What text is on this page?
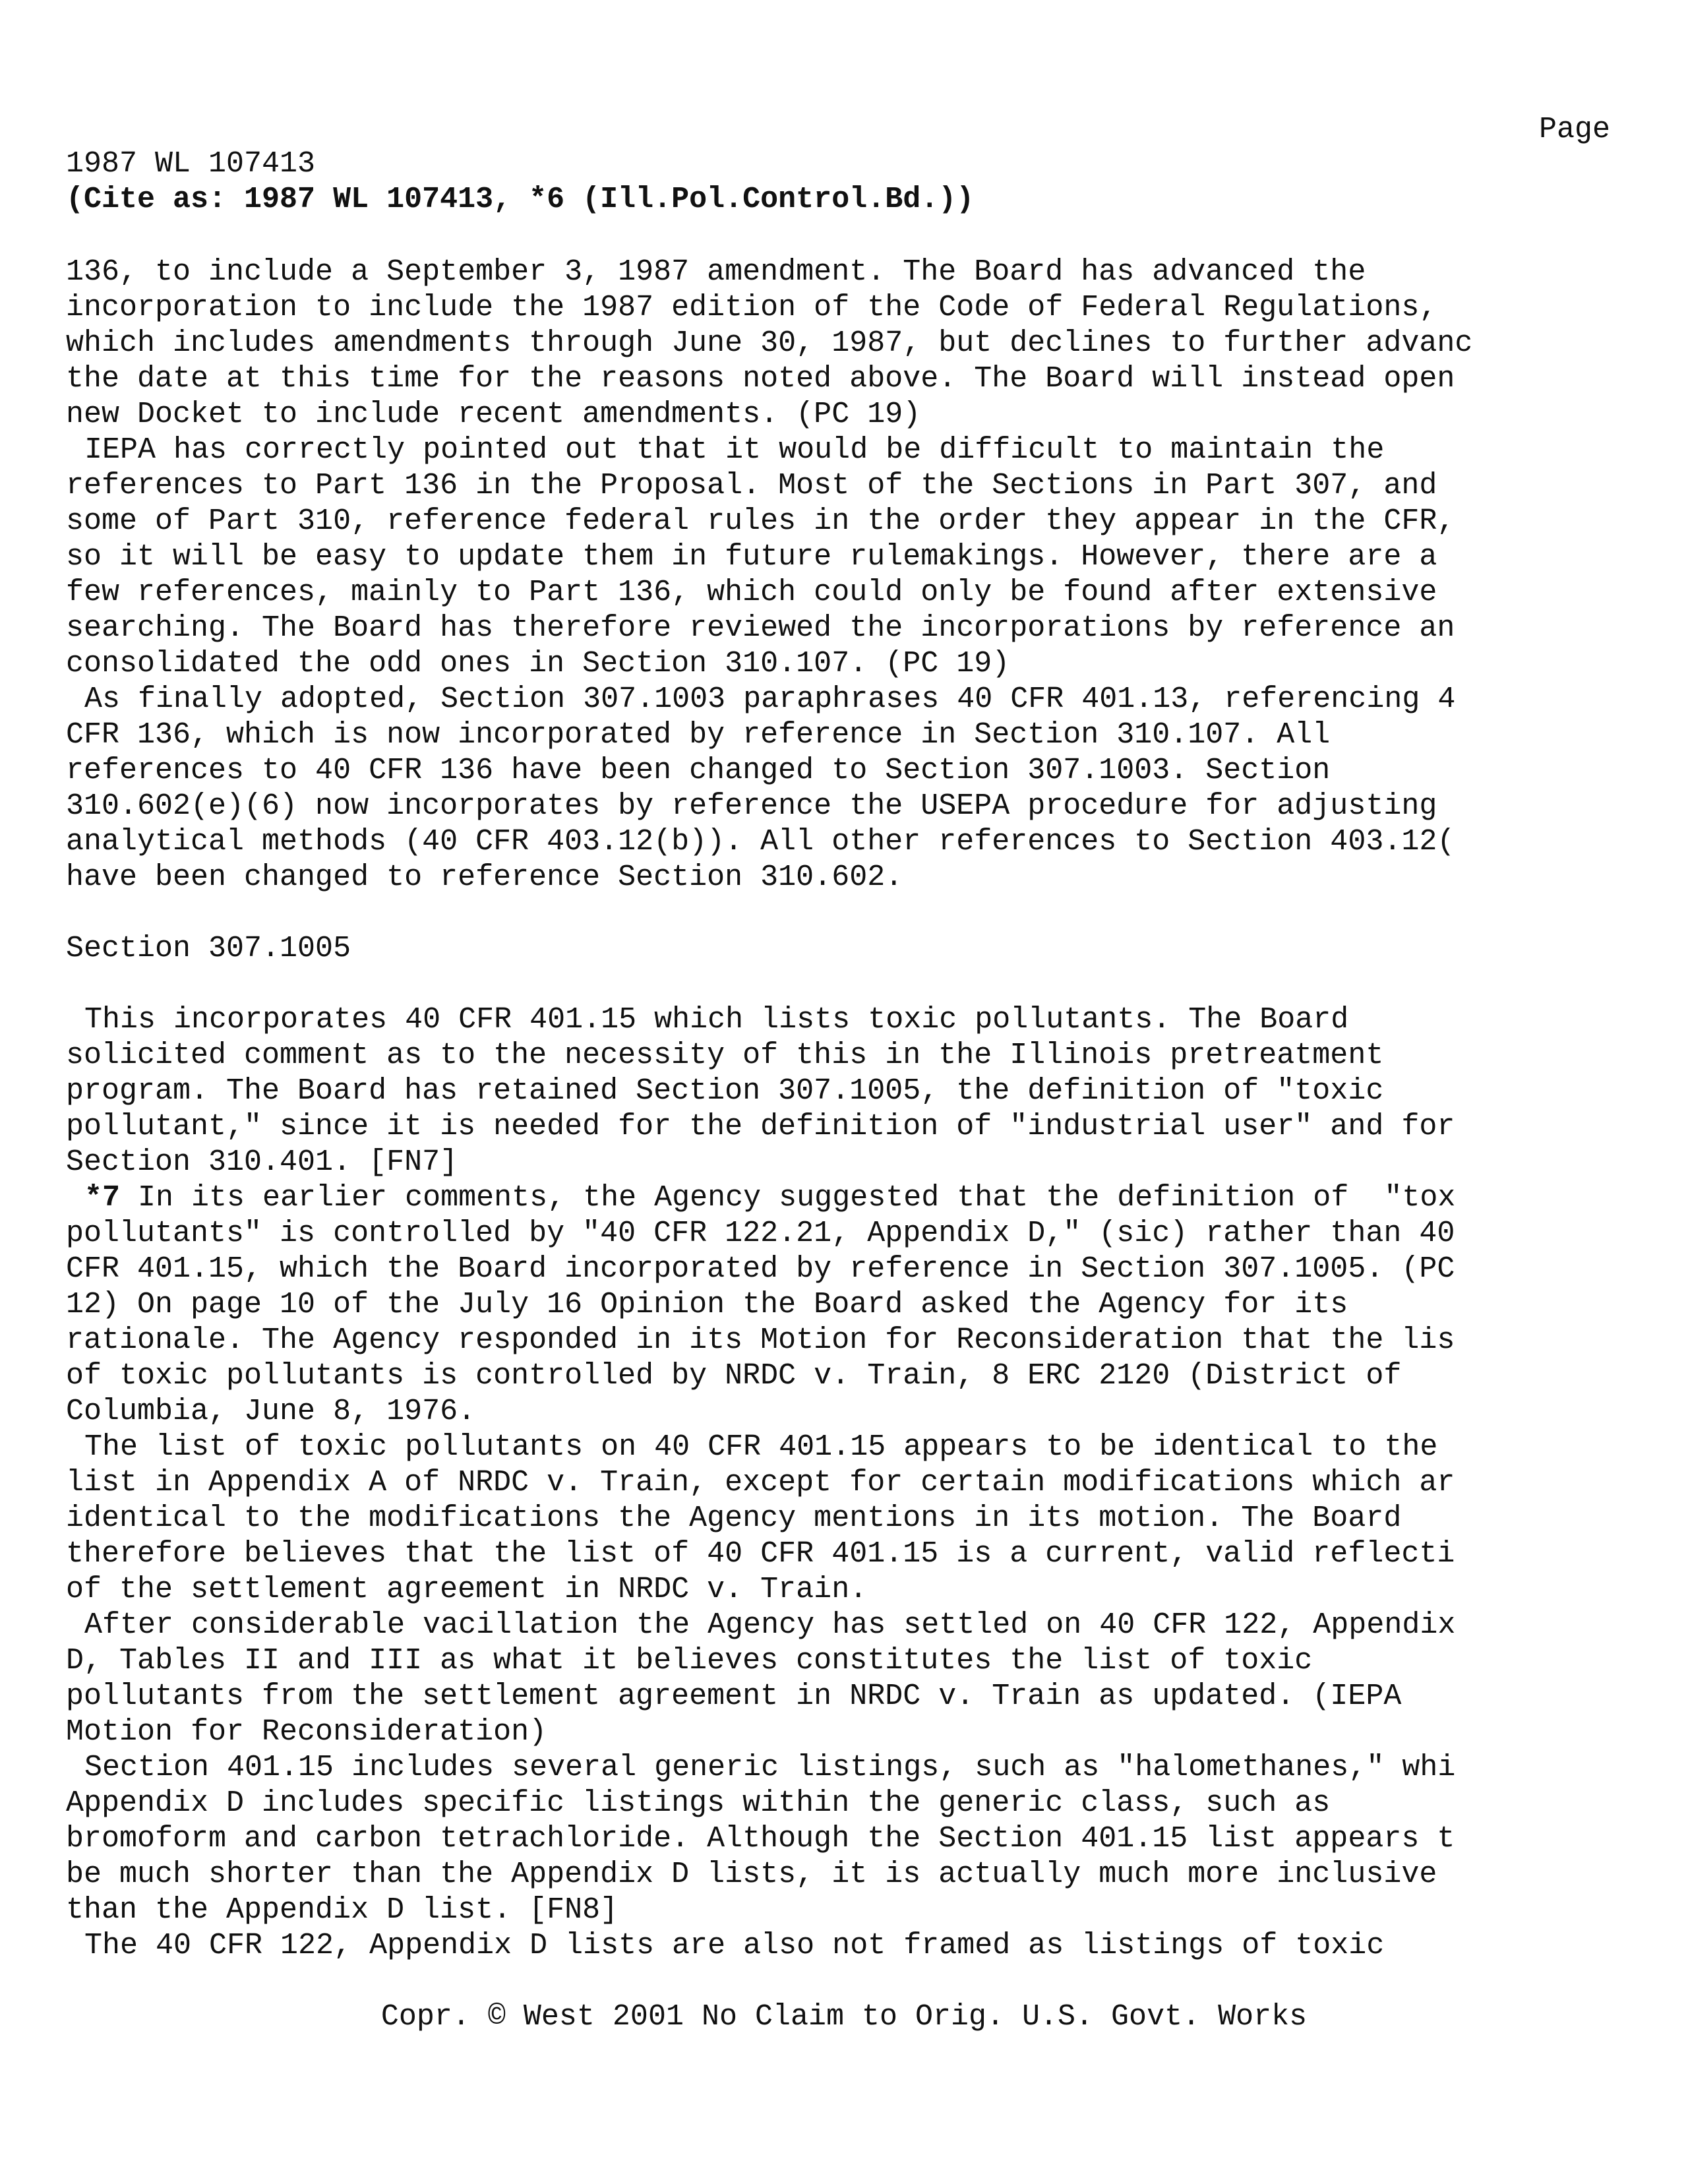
Page
1987 WL 107413
(Cite as: 1987 WL 107413, *6 (Ill.Pol.Control.Bd.))
136, to include a September 3, 1987 amendment. The Board has advanced the
incorporation to include the 1987 edition of the Code of Federal Regulations,
which includes amendments through June 30, 1987, but declines to further advanc
the date at this time for the reasons noted above. The Board will instead open
new Docket to include recent amendments. (PC 19)
IEPA has correctly pointed out that it would be difficult to maintain the
references to Part 136 in the Proposal. Most of the Sections in Part 307, and
some of Part 310, reference federal rules in the order they appear in the CFR,
so it will be easy to update them in future rulemakings. However, there are a
few references, mainly to Part 136, which could only be found after extensive
searching. The Board has therefore reviewed the incorporations by reference an
consolidated the odd ones in Section 310.107. (PC 19)
As finally adopted, Section 307.1003 paraphrases 40 CFR 401.13, referencing 4
CFR 136, which is now incorporated by reference in Section 310.107. All
references to 40 CFR 136 have been changed to Section 307.1003. Section
310.602(e)(6) now incorporates by reference the USEPA procedure for adjusting
analytical methods (40 CFR 403.12(b)). All other references to Section 403.12(
have been changed to reference Section 310.602.
Section 307.1005
This incorporates 40 CFR 401.15 which lists toxic pollutants. The Board
solicited comment as to the necessity of this in the Illinois pretreatment
program. The Board has retained Section 307.1005, the definition of "toxic
pollutant," since it is needed for the definition of "industrial user" and for
Section 310.401. [FN7]
*7 In its earlier comments, the Agency suggested that the definition of  "tox
pollutants" is controlled by "40 CFR 122.21, Appendix D," (sic) rather than 40
CFR 401.15, which the Board incorporated by reference in Section 307.1005. (PC
12) On page 10 of the July 16 Opinion the Board asked the Agency for its
rationale. The Agency responded in its Motion for Reconsideration that the lis
of toxic pollutants is controlled by NRDC v. Train, 8 ERC 2120 (District of
Columbia, June 8, 1976.
The list of toxic pollutants on 40 CFR 401.15 appears to be identical to the
list in Appendix A of NRDC v. Train, except for certain modifications which ar
identical to the modifications the Agency mentions in its motion. The Board
therefore believes that the list of 40 CFR 401.15 is a current, valid reflecti
of the settlement agreement in NRDC v. Train.
After considerable vacillation the Agency has settled on 40 CFR 122, Appendix
D, Tables II and III as what it believes constitutes the list of toxic
pollutants from the settlement agreement in NRDC v. Train as updated. (IEPA
Motion for Reconsideration)
Section 401.15 includes several generic listings, such as "halomethanes," whi
Appendix D includes specific listings within the generic class, such as
bromoform and carbon tetrachloride. Although the Section 401.15 list appears t
be much shorter than the Appendix D lists, it is actually much more inclusive
than the Appendix D list. [FN8]
The 40 CFR 122, Appendix D lists are also not framed as listings of toxic
Copr. © West 2001 No Claim to Orig. U.S. Govt. Works
